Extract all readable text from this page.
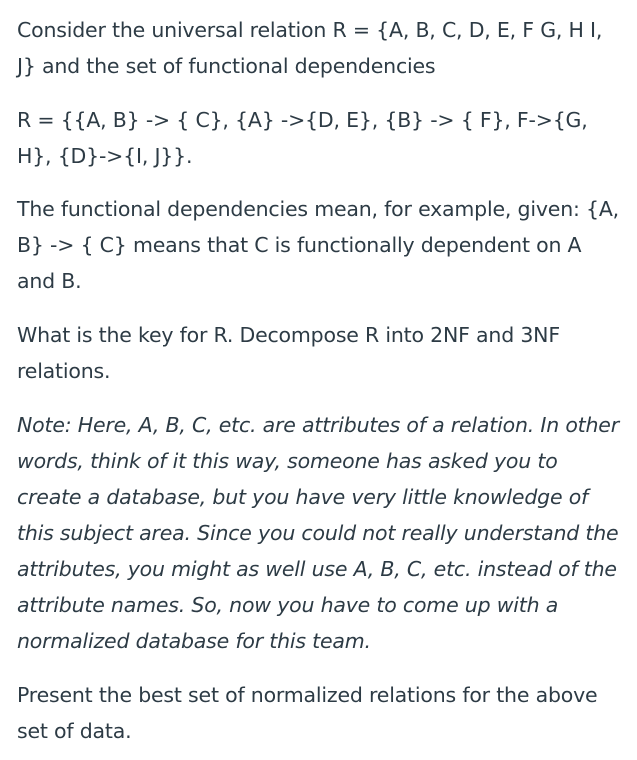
Consider the universal relation R = {A, B, C, D, E, F G, H I, J} and the set of functional dependencies

R = {{A, B} -> { C}, {A} ->{D, E}, {B} -> { F}, F->{G, H}, {D}->{I, J}}.

The functional dependencies mean, for example, given: {A, B} -> { C} means that C is functionally dependent on A and B.

What is the key for R. Decompose R into 2NF and 3NF relations.

Note: Here, A, B, C, etc. are attributes of a relation. In other words, think of it this way, someone has asked you to create a database, but you have very little knowledge of this subject area. Since you could not really understand the attributes, you might as well use A, B, C, etc. instead of the attribute names. So, now you have to come up with a normalized database for this team.

Present the best set of normalized relations for the above set of data.
